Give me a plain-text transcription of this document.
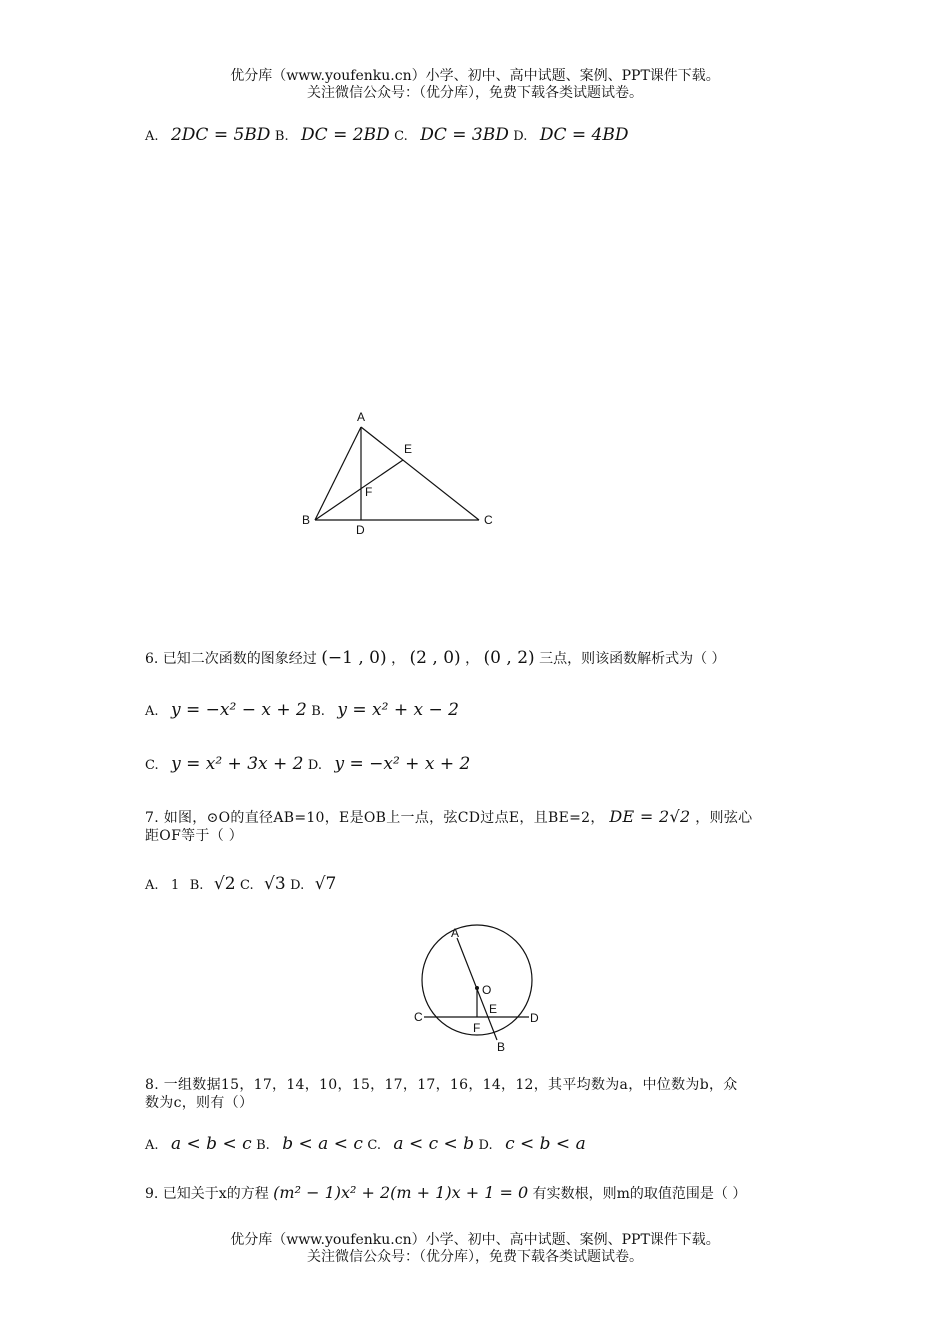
优分库（www.youfenku.cn）小学、初中、高中试题、案例、PPT课件下载。
关注微信公众号：（优分库），免费下载各类试题试卷。
A. 2DC = 5BD B. DC = 2BD C. DC = 3BD D. DC = 4BD
A
E
F
B
D
C
6. 已知二次函数的图象经过 (−1 , 0) ， (2 , 0) ， (0 , 2) 三点，则该函数解析式为（ ）
A. y = −x² − x + 2 B. y = x² + x − 2
C. y = x² + 3x + 2 D. y = −x² + x + 2
7. 如图，⊙O的直径AB=10，E是OB上一点，弦CD过点E，且BE=2， DE = 2√2 ，则弦心
距OF等于（ ）
A. 1 B. √2 C. √3 D. √7
A
O
E
C	D
F
B
8. 一组数据15，17，14，10，15，17，17，16，14，12，其平均数为a，中位数为b，众
数为c，则有（）
A. a < b < c B. b < a < c C. a < c < b D. c < b < a
9. 已知关于x的方程 (m² − 1)x² + 2(m + 1)x + 1 = 0 有实数根，则m的取值范围是（ ）
优分库（www.youfenku.cn）小学、初中、高中试题、案例、PPT课件下载。
关注微信公众号：（优分库），免费下载各类试题试卷。
